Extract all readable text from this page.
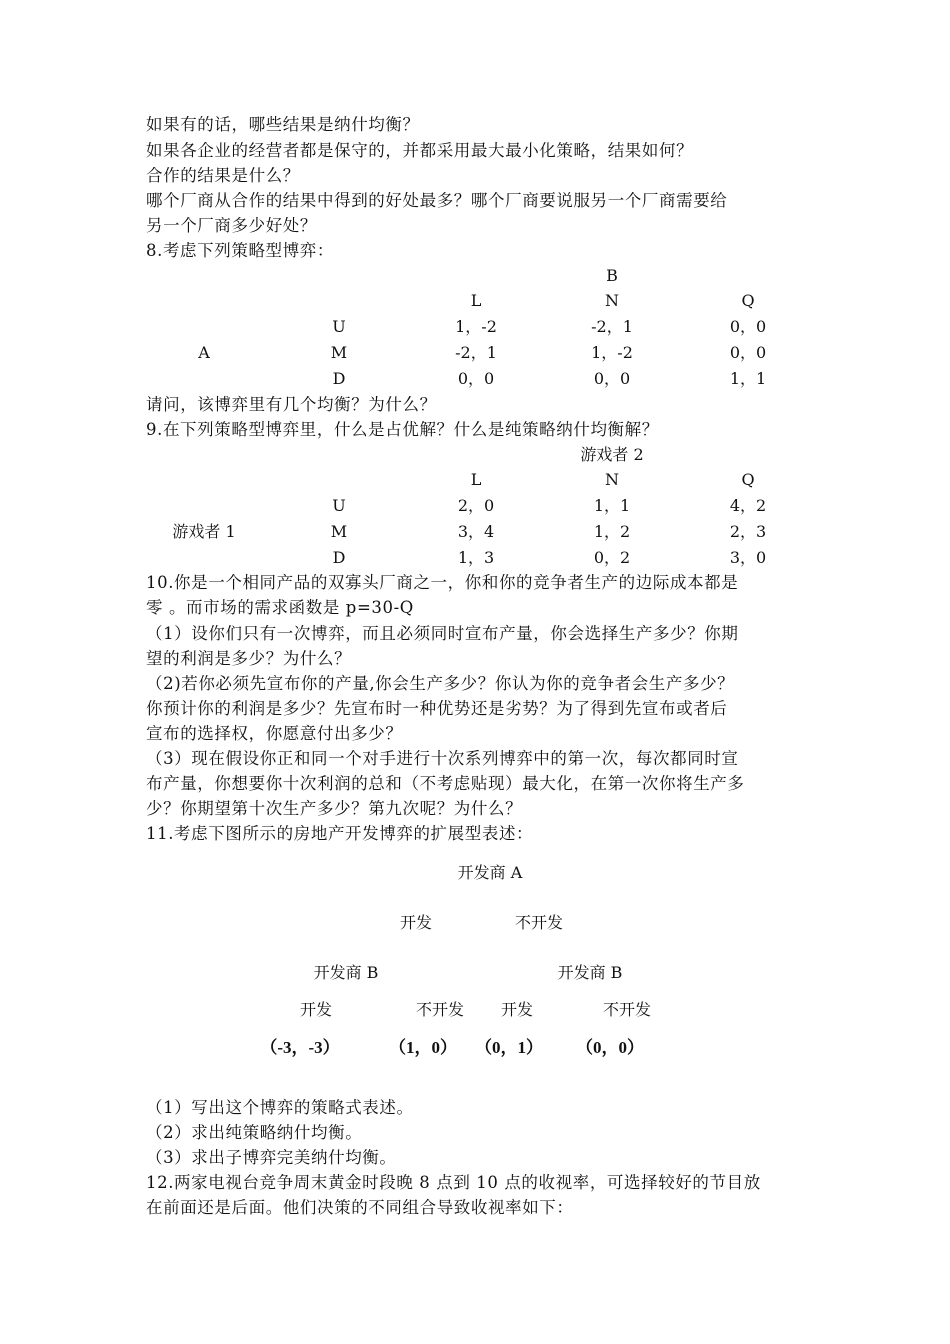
如果有的话，哪些结果是纳什均衡？
如果各企业的经营者都是保守的，并都采用最大最小化策略，结果如何？
合作的结果是什么？
哪个厂商从合作的结果中得到的好处最多？哪个厂商要说服另一个厂商需要给
另一个厂商多少好处？
8.考虑下列策略型博弈：
B
L	N	Q
A
U	1，-2	-2，1	0，0
M	-2，1	1，-2	0，0
D	0，0	0，0	1，1
请问，该博弈里有几个均衡？为什么？
9.在下列策略型博弈里，什么是占优解？什么是纯策略纳什均衡解？
游戏者 2
L	N	Q
游戏者 1
U	2，0	1，1	4，2
M	3，4	1，2	2，3
D	1，3	0，2	3，0
10.你是一个相同产品的双寡头厂商之一，你和你的竞争者生产的边际成本都是
零 。而市场的需求函数是 p=30-Q
（1）设你们只有一次博弈，而且必须同时宣布产量，你会选择生产多少？你期
望的利润是多少？为什么？
（2)若你必须先宣布你的产量,你会生产多少？你认为你的竞争者会生产多少？
你预计你的利润是多少？先宣布时一种优势还是劣势？为了得到先宣布或者后
宣布的选择权，你愿意付出多少？
（3）现在假设你正和同一个对手进行十次系列博弈中的第一次，每次都同时宣
布产量，你想要你十次利润的总和（不考虑贴现）最大化，在第一次你将生产多
少？你期望第十次生产多少？第九次呢？为什么？
11.考虑下图所示的房地产开发博弈的扩展型表述：
开发商 A
开发	不开发
开发商 B	开发商 B
开发	不开发 开发	不开发
（-3，-3）	（1，0） （0，1） （0，0）
（1）写出这个博弈的策略式表述。
（2）求出纯策略纳什均衡。
（3）求出子博弈完美纳什均衡。
12.两家电视台竞争周末黄金时段晚 8 点到 10 点的收视率，可选择较好的节目放
在前面还是后面。他们决策的不同组合导致收视率如下：
